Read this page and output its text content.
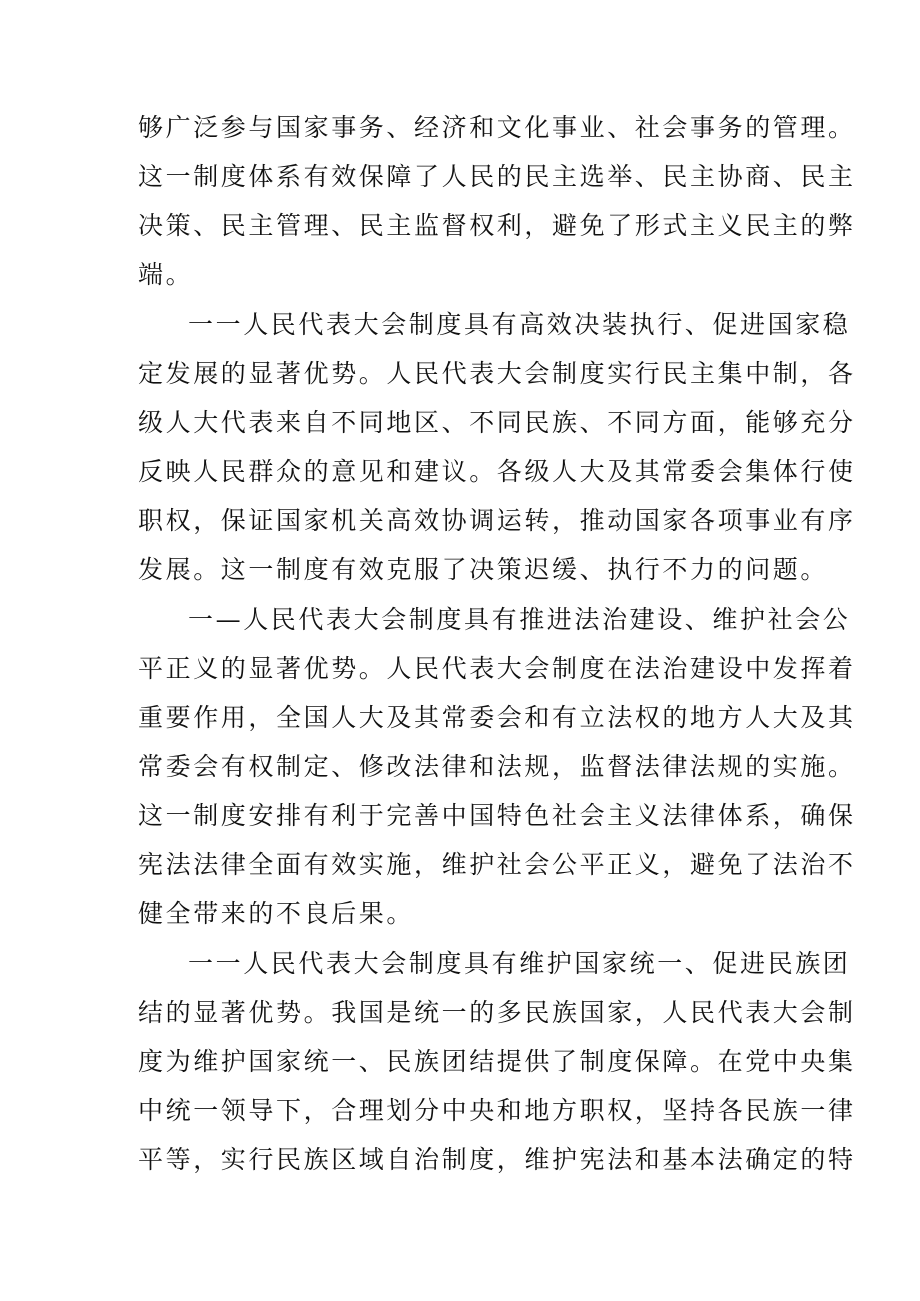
够广泛参与国家事务、经济和文化事业、社会事务的管理。
这一制度体系有效保障了人民的民主选举、民主协商、民主
决策、民主管理、民主监督权利，避免了形式主义民主的弊
端。
一一人民代表大会制度具有高效决装执行、促进国家稳
定发展的显著优势。人民代表大会制度实行民主集中制，各
级人大代表来自不同地区、不同民族、不同方面，能够充分
反映人民群众的意见和建议。各级人大及其常委会集体行使
职权，保证国家机关高效协调运转，推动国家各项事业有序
发展。这一制度有效克服了决策迟缓、执行不力的问题。
一—人民代表大会制度具有推进法治建设、维护社会公
平正义的显著优势。人民代表大会制度在法治建设中发挥着
重要作用，全国人大及其常委会和有立法权的地方人大及其
常委会有权制定、修改法律和法规，监督法律法规的实施。
这一制度安排有利于完善中国特色社会主义法律体系，确保
宪法法律全面有效实施，维护社会公平正义，避免了法治不
健全带来的不良后果。
一一人民代表大会制度具有维护国家统一、促进民族团
结的显著优势。我国是统一的多民族国家，人民代表大会制
度为维护国家统一、民族团结提供了制度保障。在党中央集
中统一领导下，合理划分中央和地方职权，坚持各民族一律
平等，实行民族区域自治制度，维护宪法和基本法确定的特
